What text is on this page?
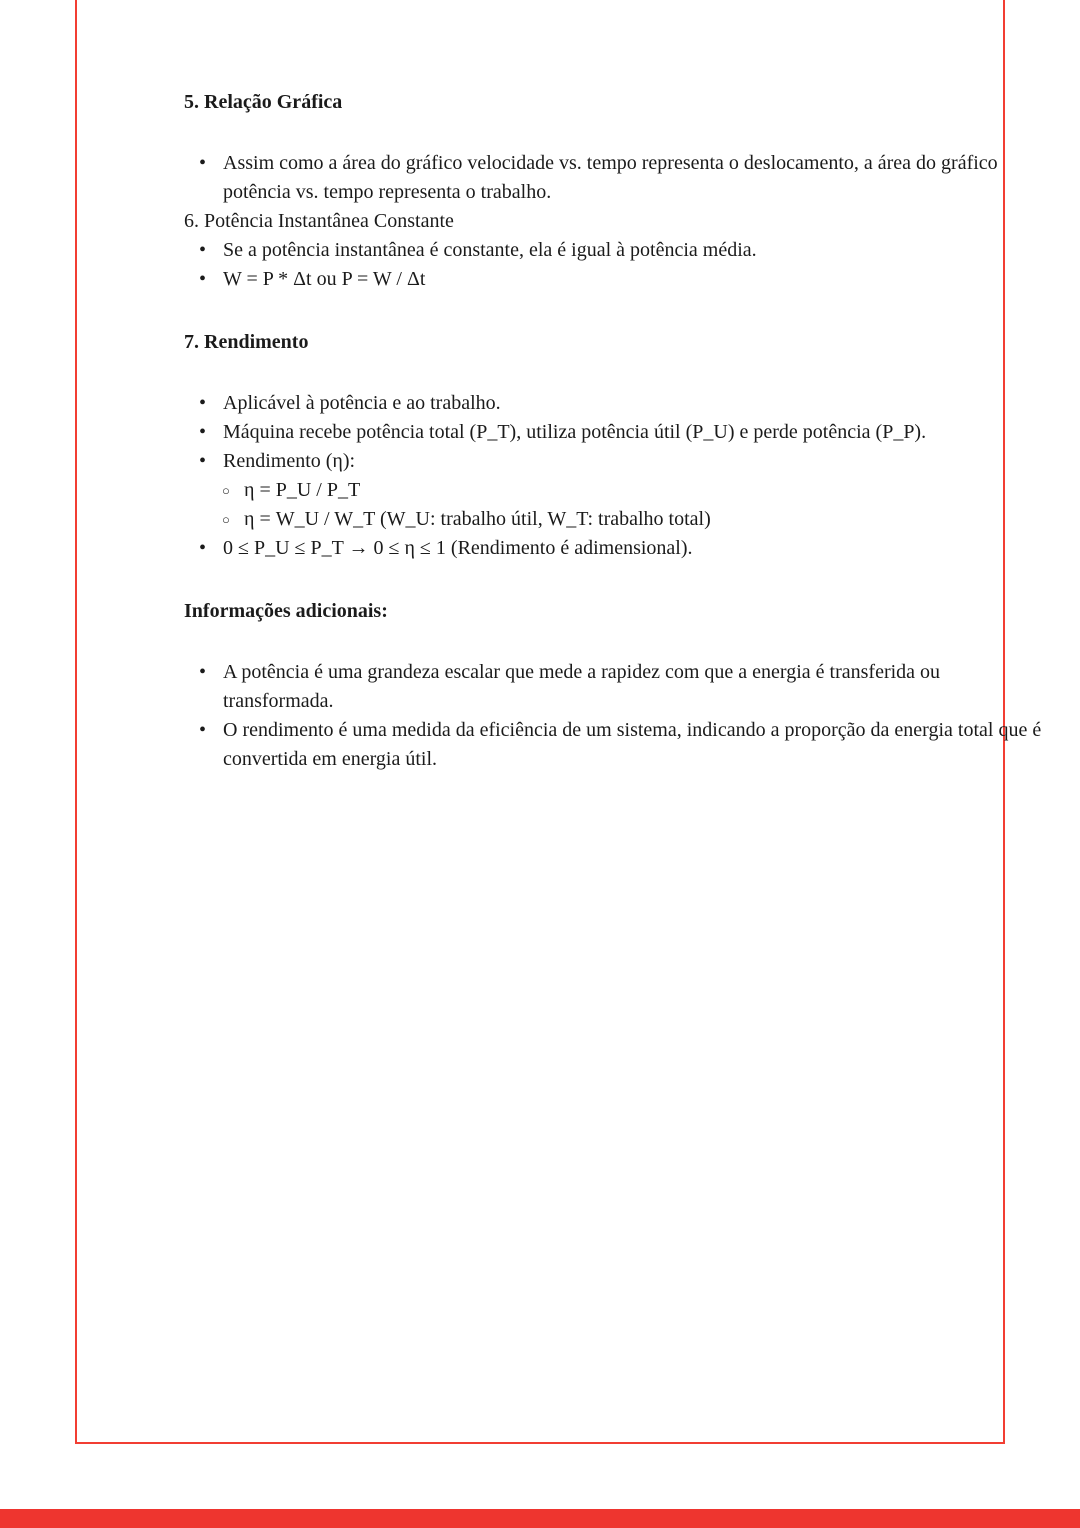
5. Relação Gráfica
• Assim como a área do gráfico velocidade vs. tempo representa o deslocamento, a área do gráfico potência vs. tempo representa o trabalho.

6. Potência Instantânea Constante

• Se a potência instantânea é constante, ela é igual à potência média.
• W = P * Δt ou P = W / Δt
7. Rendimento
• Aplicável à potência e ao trabalho.
• Máquina recebe potência total (P_T), utiliza potência útil (P_U) e perde potência (P_P).
• Rendimento (η):
○ η = P_U / P_T
○ η = W_U / W_T (W_U: trabalho útil, W_T: trabalho total)
• 0 ≤ P_U ≤ P_T → 0 ≤ η ≤ 1 (Rendimento é adimensional).
Informações adicionais:
• A potência é uma grandeza escalar que mede a rapidez com que a energia é transferida ou transformada.
• O rendimento é uma medida da eficiência de um sistema, indicando a proporção da energia total que é convertida em energia útil.
